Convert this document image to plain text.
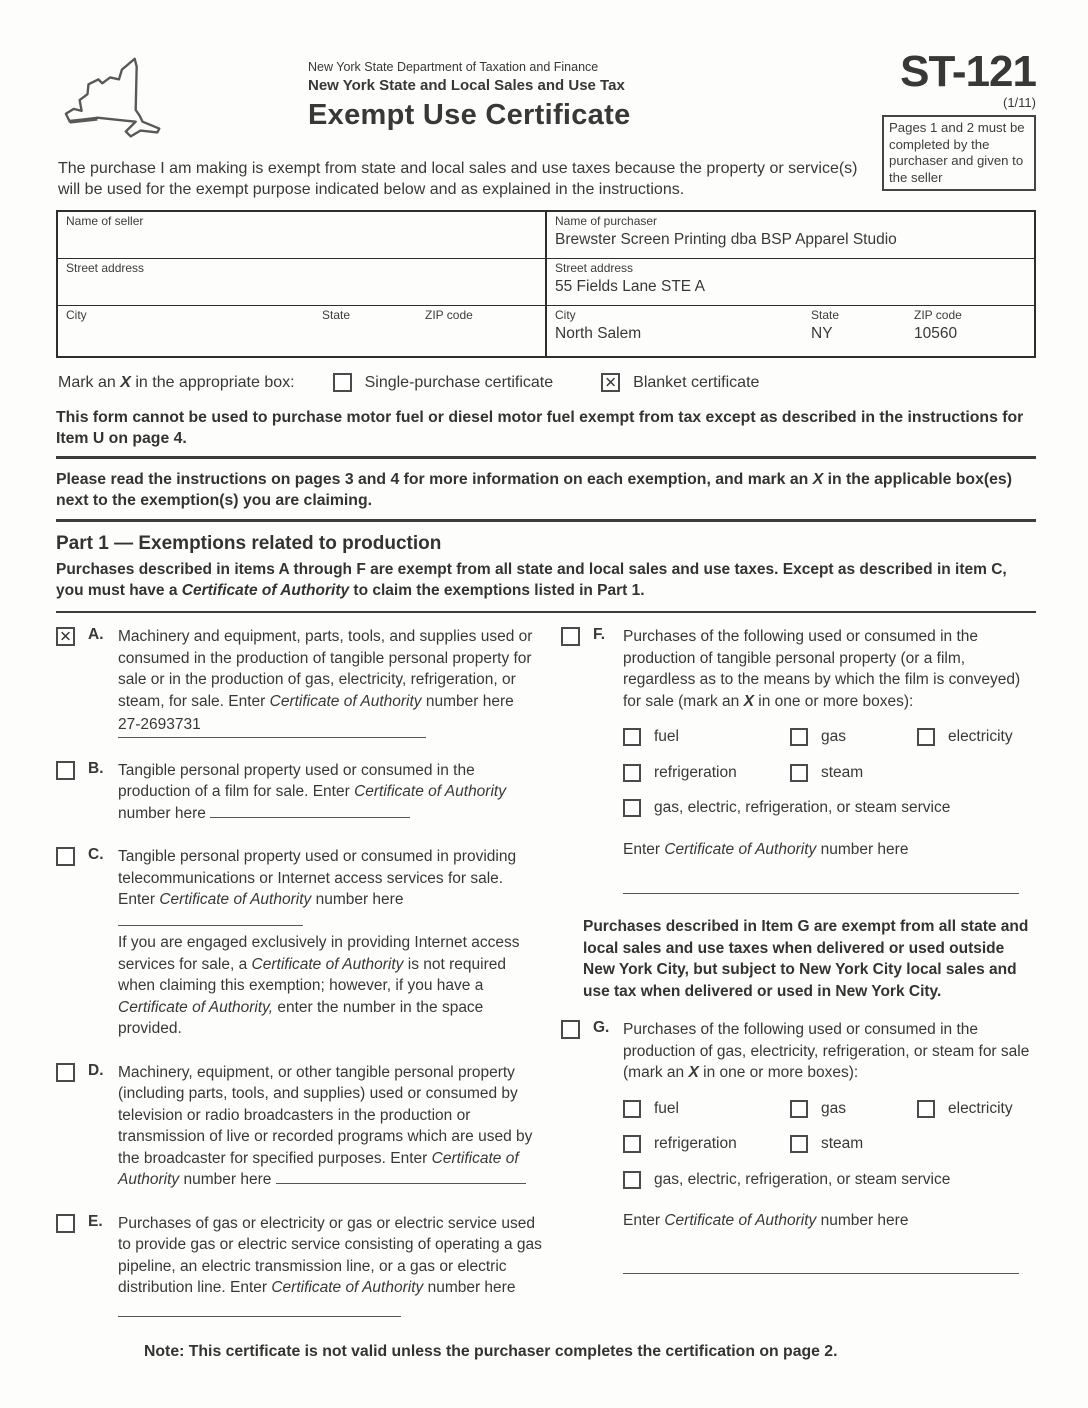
New York State Department of Taxation and Finance
New York State and Local Sales and Use Tax
Exempt Use Certificate
ST-121
(1/11)
Pages 1 and 2 must be completed by the purchaser and given to the seller

The purchase I am making is exempt from state and local sales and use taxes because the property or service(s) will be used for the exempt purpose indicated below and as explained in the instructions.

Name of seller
Street address
City	State	ZIP code
Name of purchaser
Brewster Screen Printing dba BSP Apparel Studio
Street address
55 Fields Lane STE A
City
North Salem
State
NY
ZIP code
10560
Mark an X in the appropriate box:	Single-purchase certificate ✕	Blanket certificate
This form cannot be used to purchase motor fuel or diesel motor fuel exempt from tax except as described in the instructions for Item U on page 4.
Please read the instructions on pages 3 and 4 for more information on each exemption, and mark an X in the applicable box(es) next to the exemption(s) you are claiming.
Part 1 — Exemptions related to production
Purchases described in items A through F are exempt from all state and local sales and use taxes. Except as described in item C, you must have a Certificate of Authority to claim the exemptions listed in Part 1.
✕
A. Machinery and equipment, parts, tools, and supplies used or consumed in the production of tangible personal property for sale or in the production of gas, electricity, refrigeration, or steam, for sale. Enter Certificate of Authority number here
27-2693731
B. Tangible personal property used or consumed in the production of a film for sale. Enter Certificate of Authority number here
C. Tangible personal property used or consumed in providing telecommunications or Internet access services for sale. Enter Certificate of Authority number here
If you are engaged exclusively in providing Internet access services for sale, a Certificate of Authority is not required when claiming this exemption; however, if you have a Certificate of Authority, enter the number in the space provided.
D. Machinery, equipment, or other tangible personal property (including parts, tools, and supplies) used or consumed by television or radio broadcasters in the production or transmission of live or recorded programs which are used by the broadcaster for specified purposes. Enter Certificate of Authority number here
E. Purchases of gas or electricity or gas or electric service used to provide gas or electric service consisting of operating a gas pipeline, an electric transmission line, or a gas or electric distribution line. Enter Certificate of Authority number here
F.	Purchases of the following used or consumed in the production of tangible personal property (or a film, regardless as to the means by which the film is conveyed) for sale (mark an X in one or more boxes):
fuel	gas	electricity
refrigeration	steam
gas, electric, refrigeration, or steam service
Enter Certificate of Authority number here
Purchases described in Item G are exempt from all state and local sales and use taxes when delivered or used outside New York City, but subject to New York City local sales and use tax when delivered or used in New York City.
G. Purchases of the following used or consumed in the production of gas, electricity, refrigeration, or steam for sale (mark an X in one or more boxes):
fuel	gas	electricity
refrigeration	steam
gas, electric, refrigeration, or steam service
Enter Certificate of Authority number here
Note: This certificate is not valid unless the purchaser completes the certification on page 2.
